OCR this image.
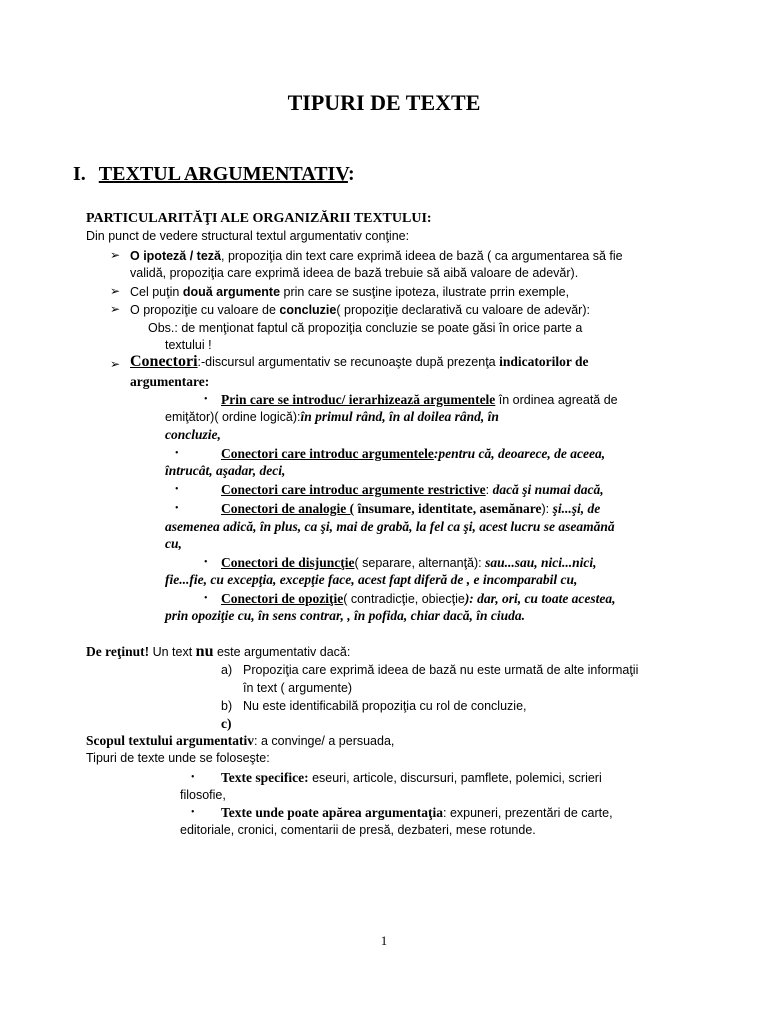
TIPURI DE TEXTE
I. TEXTUL ARGUMENTATIV:
PARTICULARITĂŢI ALE ORGANIZĂRII TEXTULUI:
Din punct de vedere structural textul argumentativ conţine:
➢ O ipoteză / teză, propoziţia din text care exprimă ideea de bază ( ca argumentarea să fie
validă, propoziţia care exprimă ideea de bază trebuie să aibă valoare de adevăr).
➢ Cel puţin două argumente prin care se susţine ipoteza, ilustrate prrin exemple,
➢ O propoziţie cu valoare de concluzie( propoziţie declarativă cu valoare de adevăr):
Obs.: de menţionat faptul că propoziţia concluzie se poate găsi în orice parte a
textului !
➢ Conectori:-discursul argumentativ se recunoaşte după prezenţa indicatorilor de
argumentare:
• Prin care se introduc/ ierarhizează argumentele în ordinea agreată de
emiţător)( ordine logică):în primul rând, în al doilea rând, în
concluzie,
•	Conectori care introduc argumentele:pentru că, deoarece, de aceea,
întrucât, aşadar, deci,
•	Conectori care introduc argumente restrictive: dacă şi numai dacă,
•	Conectori de analogie ( însumare, identitate, asemănare): şi...şi, de
asemenea adică, în plus, ca şi, mai de grabă, la fel ca şi, acest lucru se aseamănă
cu,
• Conectori de disjuncţie( separare, alternanţă): sau...sau, nici...nici,
fie...fie, cu excepţia, excepţie face, acest fapt diferă de , e incomparabil cu,
• Conectori de opoziţie( contradicţie, obiecţie): dar, ori, cu toate acestea,
prin opoziţie cu, în sens contrar, , în pofida, chiar dacă, în ciuda.
De reţinut! Un text nu este argumentativ dacă:
a) Propoziţia care exprimă ideea de bază nu este urmată de alte informaţii
în text ( argumente)
b) Nu este identificabilă propoziţia cu rol de concluzie,
c)
Scopul textului argumentativ: a convinge/ a persuada,
Tipuri de texte unde se foloseşte:
• Texte specifice: eseuri, articole, discursuri, pamflete, polemici, scrieri
filosofie,
• Texte unde poate apărea argumentaţia: expuneri, prezentări de carte,
editoriale, cronici, comentarii de presă, dezbateri, mese rotunde.
1
